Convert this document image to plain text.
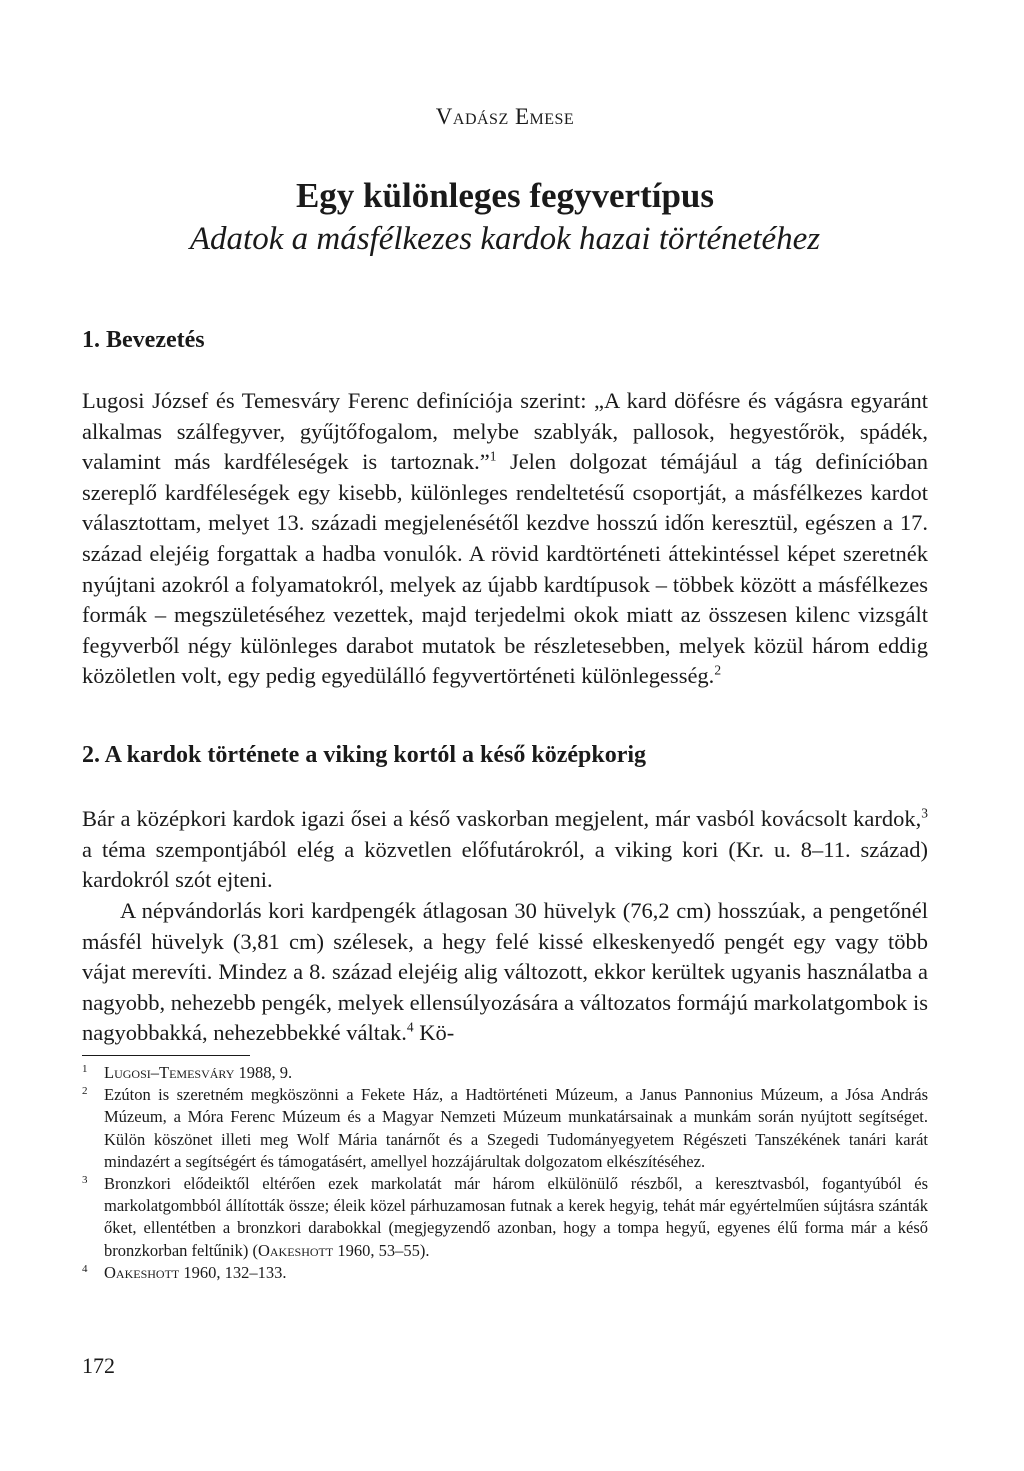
Vadász Emese
Egy különleges fegyvertípus
Adatok a másfélkezes kardok hazai történetéhez
1. Bevezetés

Lugosi József és Temesváry Ferenc definíciója szerint: „A kard döfésre és vágásra egyaránt alkalmas szálfegyver, gyűjtőfogalom, melybe szablyák, pallosok, hegyestőrök, spádék, valamint más kardféleségek is tartoznak.”$^1$ Jelen dolgozat témájául a tág definícióban szereplő kardféleségek egy kisebb, különleges rendeltetésű csoportját, a másfélkezes kardot választottam, melyet 13. századi megjelenésétől kezdve hosszú időn keresztül, egészen a 17. század elejéig forgattak a hadba vonulók. A rövid kardtörténeti áttekintéssel képet szeretnék nyújtani azokról a folyamatokról, melyek az újabb kardtípusok – többek között a másfélkezes formák – megszületéséhez vezettek, majd terjedelmi okok miatt az összesen kilenc vizsgált fegyverből négy különleges darabot mutatok be részletesebben, melyek közül három eddig közöletlen volt, egy pedig egyedülálló fegyvertörténeti különlegesség.$^2$

2. A kardok története a viking kortól a késő középkorig

Bár a középkori kardok igazi ősei a késő vaskorban megjelent, már vasból kovácsolt kardok,$^3$ a téma szempontjából elég a közvetlen előfutárokról, a viking kori (Kr. u. 8–11. század) kardokról szót ejteni.

A népvándorlás kori kardpengék átlagosan 30 hüvelyk (76,2 cm) hosszúak, a pengetőnél másfél hüvelyk (3,81 cm) szélesek, a hegy felé kissé elkeskenyedő pengét egy vagy több vájat merevíti. Mindez a 8. század elejéig alig változott, ekkor kerültek ugyanis használatba a nagyobb, nehezebb pengék, melyek ellensúlyozására a változatos formájú markolatgombok is nagyobbakká, nehezebbekké váltak.$^4$ Kö-

1 Lugosi–Temesváry 1988, 9.

2 Ezúton is szeretném megköszönni a Fekete Ház, a Hadtörténeti Múzeum, a Janus Pannonius Múzeum, a Jósa András Múzeum, a Móra Ferenc Múzeum és a Magyar Nemzeti Múzeum munkatársainak a munkám során nyújtott segítséget. Külön köszönet illeti meg Wolf Mária tanárnőt és a Szegedi Tudományegyetem Régészeti Tanszékének tanári karát mindazért a segítségért és támogatásért, amellyel hozzájárultak dolgozatom elkészítéséhez.

3 Bronzkori elődeiktől eltérően ezek markolatát már három elkülönülő részből, a keresztvasból, fogantyúból és markolatgombból állították össze; éleik közel párhuzamosan futnak a kerek hegyig, tehát már egyértelműen sújtásra szánták őket, ellentétben a bronzkori darabokkal (megjegyzendő azonban, hogy a tompa hegyű, egyenes élű forma már a késő bronzkorban feltűnik) (Oakeshott 1960, 53–55).

4 Oakeshott 1960, 132–133.

172
